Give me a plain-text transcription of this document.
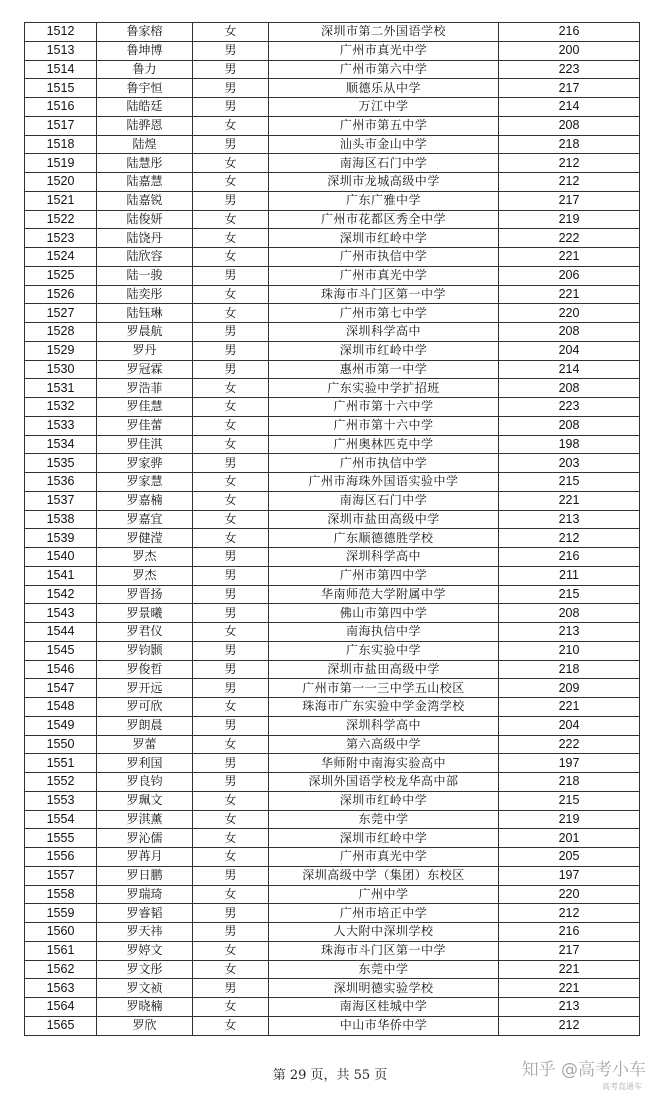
1512	鲁家榕	女	深圳市第二外国语学校	216
1513	鲁坤博	男	广州市真光中学	200
1514	鲁力	男	广州市第六中学	223
1515	鲁宇恒	男	顺德乐从中学	217
1516	陆皓廷	男	万江中学	214
1517	陆骅恩	女	广州市第五中学	208
1518	陆煌	男	汕头市金山中学	218
1519	陆慧彤	女	南海区石门中学	212
1520	陆嘉慧	女	深圳市龙城高级中学	212
1521	陆嘉锐	男	广东广雅中学	217
1522	陆俊妍	女	广州市花都区秀全中学	219
1523	陆饶丹	女	深圳市红岭中学	222
1524	陆欣容	女	广州市执信中学	221
1525	陆一骏	男	广州市真光中学	206
1526	陆奕彤	女	珠海市斗门区第一中学	221
1527	陆钰琳	女	广州市第七中学	220
1528	罗晨航	男	深圳科学高中	208
1529	罗丹	男	深圳市红岭中学	204
1530	罗冠霖	男	惠州市第一中学	214
1531	罗浩菲	女	广东实验中学扩招班	208
1532	罗佳慧	女	广州市第十六中学	223
1533	罗佳蕾	女	广州市第十六中学	208
1534	罗佳淇	女	广州奥林匹克中学	198
1535	罗家骅	男	广州市执信中学	203
1536	罗家慧	女	广州市海珠外国语实验中学	215
1537	罗嘉楠	女	南海区石门中学	221
1538	罗嘉宜	女	深圳市盐田高级中学	213
1539	罗健滢	女	广东顺德德胜学校	212
1540	罗杰	男	深圳科学高中	216
1541	罗杰	男	广州市第四中学	211
1542	罗晋扬	男	华南师范大学附属中学	215
1543	罗景曦	男	佛山市第四中学	208
1544	罗君仪	女	南海执信中学	213
1545	罗钧颢	男	广东实验中学	210
1546	罗俊哲	男	深圳市盐田高级中学	218
1547	罗开远	男	广州市第一一三中学五山校区	209
1548	罗可欣	女	珠海市广东实验中学金湾学校	221
1549	罗朗晨	男	深圳科学高中	204
1550	罗蕾	女	第六高级中学	222
1551	罗利国	男	华师附中南海实验高中	197
1552	罗良钧	男	深圳外国语学校龙华高中部	218
1553	罗珮文	女	深圳市红岭中学	215
1554	罗淇薰	女	东莞中学	219
1555	罗沁儒	女	深圳市红岭中学	201
1556	罗苒月	女	广州市真光中学	205
1557	罗日鹏	男	深圳高级中学（集团）东校区	197
1558	罗瑞琦	女	广州中学	220
1559	罗睿韬	男	广州市培正中学	212
1560	罗天祎	男	人大附中深圳学校	216
1561	罗婷文	女	珠海市斗门区第一中学	217
1562	罗文彤	女	东莞中学	221
1563	罗文祯	男	深圳明德实验学校	221
1564	罗晓楠	女	南海区桂城中学	213
1565	罗欣	女	中山市华侨中学	212
第 29 页，共 55 页	知乎 @高考小车
高考直通车
